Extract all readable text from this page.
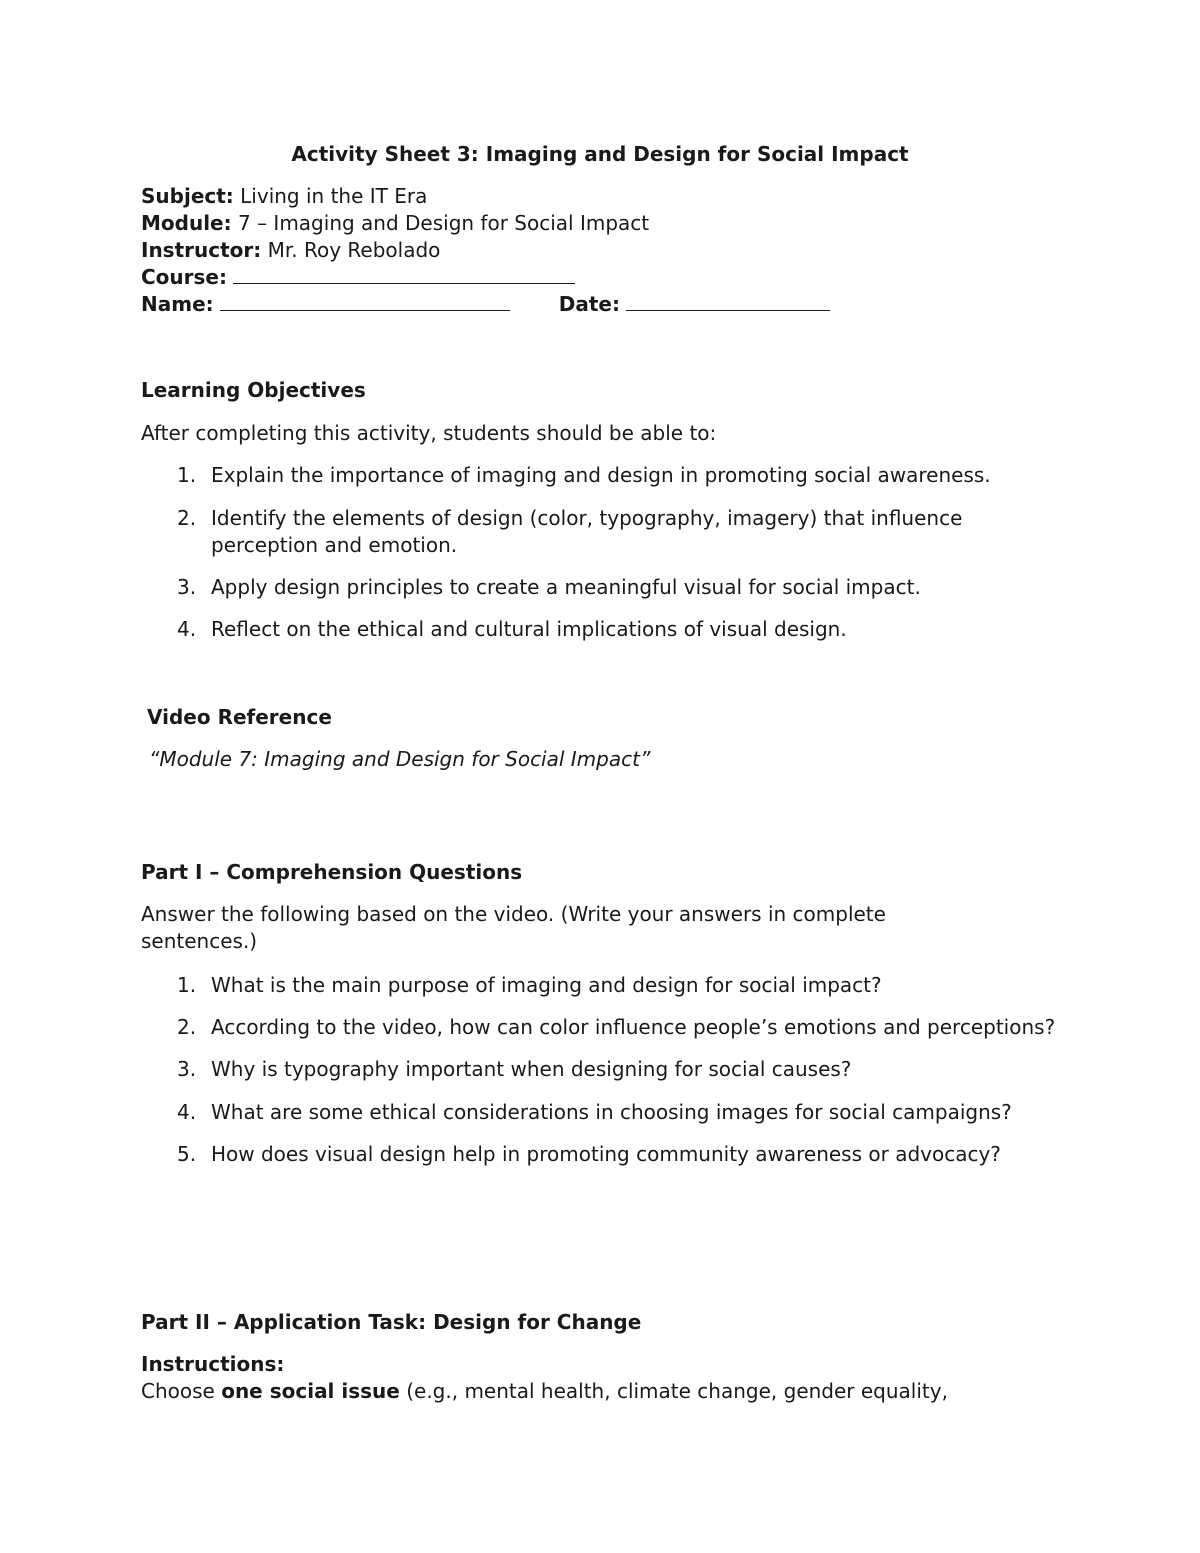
Activity Sheet 3: Imaging and Design for Social Impact
Subject: Living in the IT Era
Module: 7 – Imaging and Design for Social Impact
Instructor: Mr. Roy Rebolado
Course:
Name:	Date:
Learning Objectives

After completing this activity, students should be able to:

1. Explain the importance of imaging and design in promoting social awareness.
2. Identify the elements of design (color, typography, imagery) that influence perception and emotion.
3. Apply design principles to create a meaningful visual for social impact.
4. Reflect on the ethical and cultural implications of visual design.
Video Reference

“Module 7: Imaging and Design for Social Impact”

Part I – Comprehension Questions

Answer the following based on the video. (Write your answers in complete sentences.)

1. What is the main purpose of imaging and design for social impact?
2. According to the video, how can color influence people’s emotions and perceptions?
3. Why is typography important when designing for social causes?
4. What are some ethical considerations in choosing images for social campaigns?
5. How does visual design help in promoting community awareness or advocacy?
Part II – Application Task: Design for Change
Instructions:
Choose one social issue (e.g., mental health, climate change, gender equality,
